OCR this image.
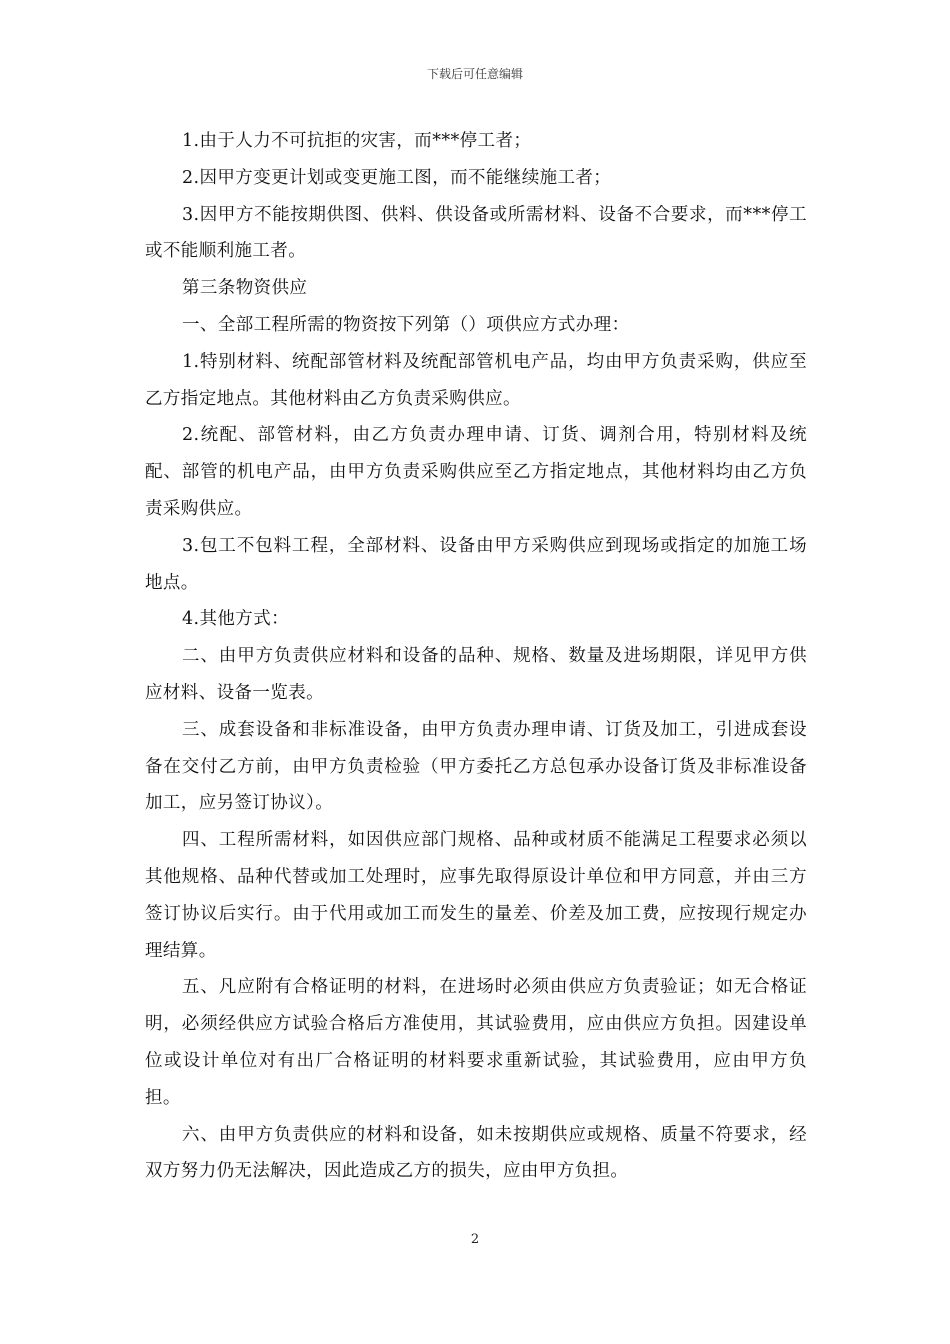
下载后可任意编辑

1.由于人力不可抗拒的灾害，而***停工者；

2.因甲方变更计划或变更施工图，而不能继续施工者；

3.因甲方不能按期供图、供料、供设备或所需材料、设备不合要求，而***停工或不能顺利施工者。

第三条物资供应

一、全部工程所需的物资按下列第（）项供应方式办理：

1.特别材料、统配部管材料及统配部管机电产品，均由甲方负责采购，供应至乙方指定地点。其他材料由乙方负责采购供应。

2.统配、部管材料，由乙方负责办理申请、订货、调剂合用，特别材料及统配、部管的机电产品，由甲方负责采购供应至乙方指定地点，其他材料均由乙方负责采购供应。

3.包工不包料工程，全部材料、设备由甲方采购供应到现场或指定的加施工场地点。

4.其他方式：

二、由甲方负责供应材料和设备的品种、规格、数量及进场期限，详见甲方供应材料、设备一览表。

三、成套设备和非标准设备，由甲方负责办理申请、订货及加工，引进成套设备在交付乙方前，由甲方负责检验（甲方委托乙方总包承办设备订货及非标准设备加工，应另签订协议）。

四、工程所需材料，如因供应部门规格、品种或材质不能满足工程要求必须以其他规格、品种代替或加工处理时，应事先取得原设计单位和甲方同意，并由三方签订协议后实行。由于代用或加工而发生的量差、价差及加工费，应按现行规定办理结算。

五、凡应附有合格证明的材料，在进场时必须由供应方负责验证；如无合格证明，必须经供应方试验合格后方准使用，其试验费用，应由供应方负担。因建设单位或设计单位对有出厂合格证明的材料要求重新试验，其试验费用，应由甲方负担。

六、由甲方负责供应的材料和设备，如未按期供应或规格、质量不符要求，经双方努力仍无法解决，因此造成乙方的损失，应由甲方负担。

2
